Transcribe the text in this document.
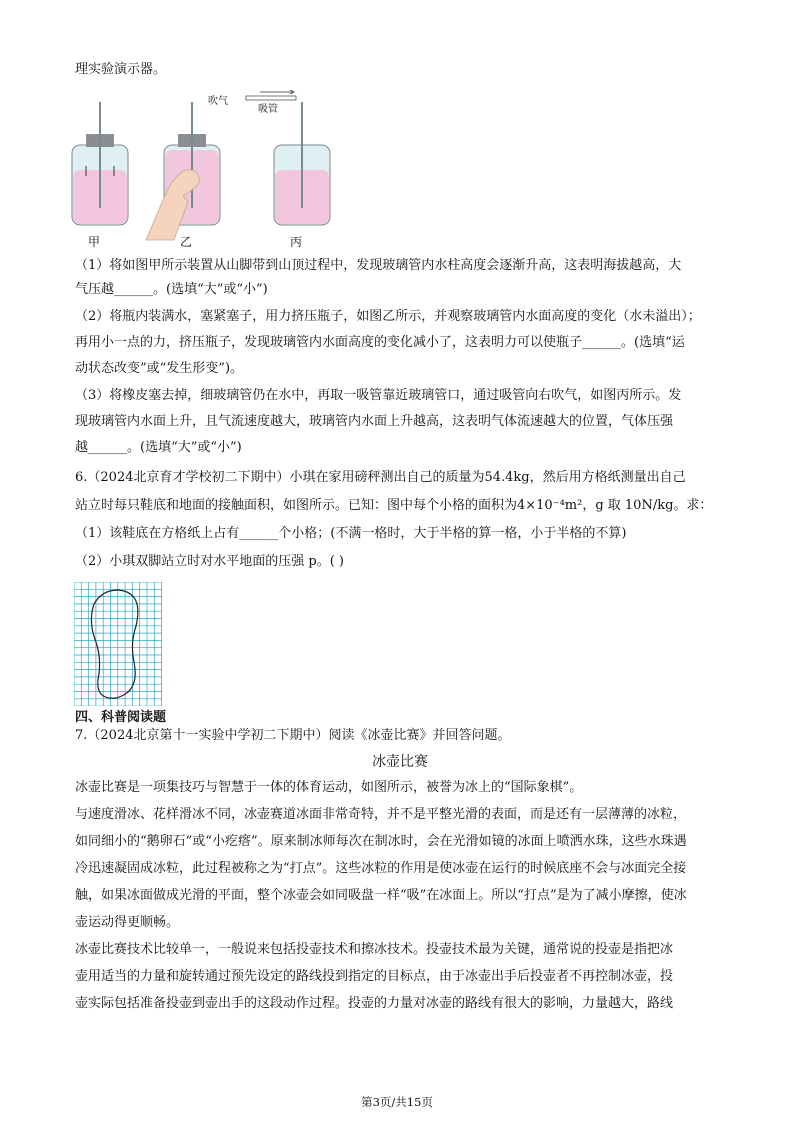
理实验演示器。
吹气
吸管
甲	乙	丙
（1）将如图甲所示装置从山脚带到山顶过程中，发现玻璃管内水柱高度会逐渐升高，这表明海拔越高，大
气压越______。(选填“大”或“小”)
（2）将瓶内装满水，塞紧塞子，用力挤压瓶子，如图乙所示，并观察玻璃管内水面高度的变化（水未溢出）；
再用小一点的力，挤压瓶子，发现玻璃管内水面高度的变化减小了，这表明力可以使瓶子______。(选填“运
动状态改变”或“发生形变”)。
（3）将橡皮塞去掉，细玻璃管仍在水中，再取一吸管靠近玻璃管口，通过吸管向右吹气，如图丙所示。发
现玻璃管内水面上升，且气流速度越大，玻璃管内水面上升越高，这表明气体流速越大的位置，气体压强
越______。(选填“大”或“小”)
6.（2024北京育才学校初二下期中）小琪在家用磅秤测出自己的质量为54.4kg，然后用方格纸测量出自己
站立时每只鞋底和地面的接触面积，如图所示。已知：图中每个小格的面积为4×10⁻⁴m²，g 取 10N/kg。求：
（1）该鞋底在方格纸上占有______个小格；(不满一格时，大于半格的算一格，小于半格的不算)
（2）小琪双脚站立时对水平地面的压强 p。( )
四、科普阅读题
7.（2024北京第十一实验中学初二下期中）阅读《冰壶比赛》并回答问题。
冰壶比赛
冰壶比赛是一项集技巧与智慧于一体的体育运动，如图所示，被誉为冰上的“国际象棋”。
与速度滑冰、花样滑冰不同，冰壶赛道冰面非常奇特，并不是平整光滑的表面，而是还有一层薄薄的冰粒，
如同细小的“鹅卵石”或“小疙瘩”。原来制冰师每次在制冰时，会在光滑如镜的冰面上喷洒水珠，这些水珠遇
冷迅速凝固成冰粒，此过程被称之为“打点”。这些冰粒的作用是使冰壶在运行的时候底座不会与冰面完全接
触，如果冰面做成光滑的平面，整个冰壶会如同吸盘一样“吸”在冰面上。所以“打点”是为了减小摩擦，使冰
壶运动得更顺畅。
冰壶比赛技术比较单一，一般说来包括投壶技术和擦冰技术。投壶技术最为关键，通常说的投壶是指把冰
壶用适当的力量和旋转通过预先设定的路线投到指定的目标点，由于冰壶出手后投壶者不再控制冰壶，投
壶实际包括准备投壶到壶出手的这段动作过程。投壶的力量对冰壶的路线有很大的影响，力量越大，路线
第3页/共15页
